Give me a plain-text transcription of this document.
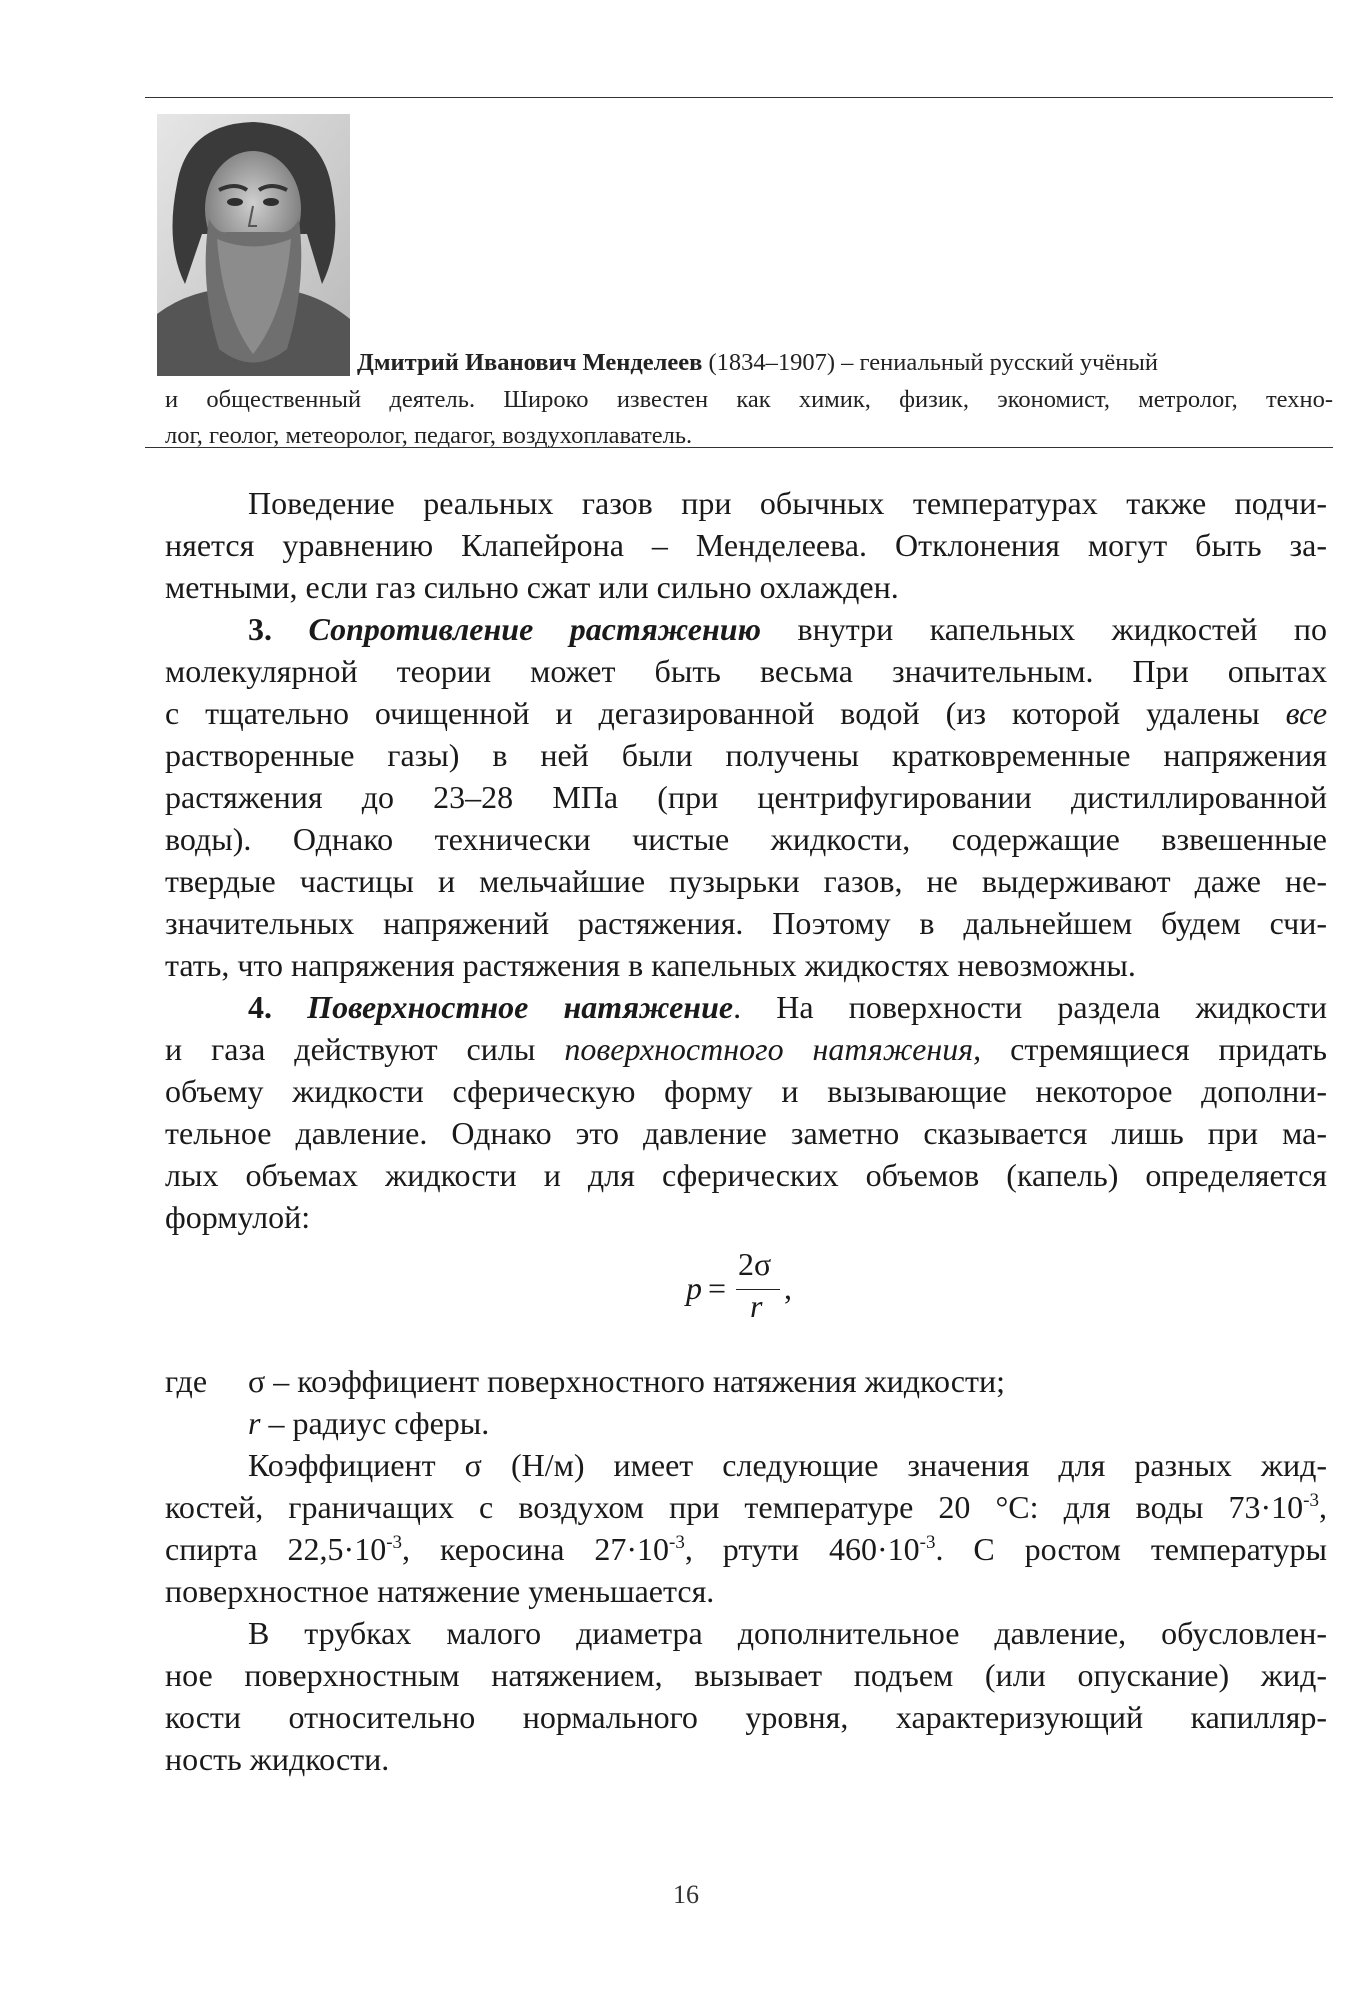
Дмитрий Иванович Менделеев (1834–1907) – гениальный русский учёный
и общественный деятель. Широко известен как химик, физик, экономист, метролог, техно-
лог, геолог, метеоролог, педагог, воздухоплаватель.
Поведение реальных газов при обычных температурах также подчи-
няется уравнению Клапейрона – Менделеева. Отклонения могут быть за-
метными, если газ сильно сжат или сильно охлажден.
3. Сопротивление растяжению внутри капельных жидкостей по
молекулярной теории может быть весьма значительным. При опытах
с тщательно очищенной и дегазированной водой (из которой удалены все
растворенные газы) в ней были получены кратковременные напряжения
растяжения до 23–28 МПа (при центрифугировании дистиллированной
воды). Однако технически чистые жидкости, содержащие взвешенные
твердые частицы и мельчайшие пузырьки газов, не выдерживают даже не-
значительных напряжений растяжения. Поэтому в дальнейшем будем счи-
тать, что напряжения растяжения в капельных жидкостях невозможны.
4. Поверхностное натяжение. На поверхности раздела жидкости
и газа действуют силы поверхностного натяжения, стремящиеся придать
объему жидкости сферическую форму и вызывающие некоторое дополни-
тельное давление. Однако это давление заметно сказывается лишь при ма-
лых объемах жидкости и для сферических объемов (капель) определяется
формулой:
p =
2σ
r ,
где σ – коэффициент поверхностного натяжения жидкости;
r – радиус сферы.
Коэффициент σ (Н/м) имеет следующие значения для разных жид-
костей, граничащих с воздухом при температуре 20 °С: для воды $73\cdot 10^{-3}$,
спирта $22,5\cdot 10^{-3}$, керосина $27\cdot 10^{-3}$, ртути $460\cdot 10^{-3}$. С ростом температуры
поверхностное натяжение уменьшается.
В трубках малого диаметра дополнительное давление, обусловлен-
ное поверхностным натяжением, вызывает подъем (или опускание) жид-
кости относительно нормального уровня, характеризующий капилляр-
ность жидкости.
16
